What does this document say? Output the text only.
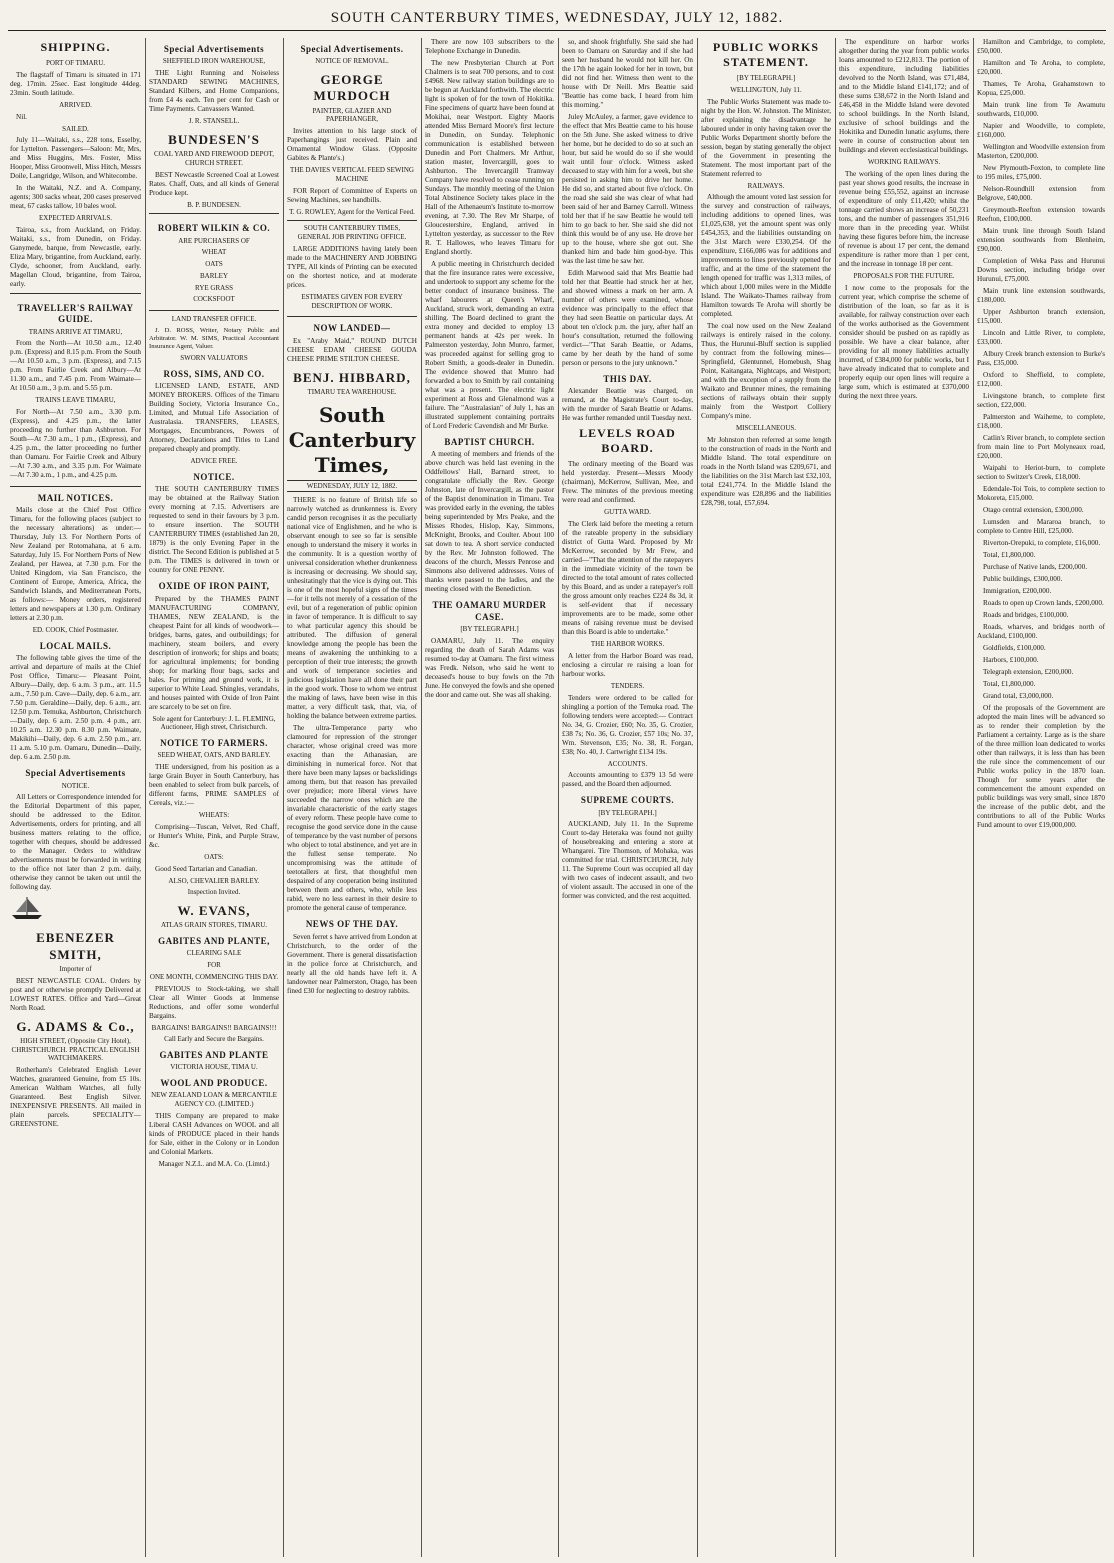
SOUTH CANTERBURY TIMES, WEDNESDAY, JULY 12, 1882.
SHIPPING.
PORT OF TIMARU.

The flagstaff of Timaru is situated in 171 deg. 17min. 25sec. East longitude 44deg. 23min. South latitude.

ARRIVED.

Nil.

SAILED.

July 11—Waitaki, s.s., 228 tons, Esselby, for Lyttelton. Passengers—Saloon: Mr, Mrs, and Miss Huggins, Mrs. Foster, Miss Hooper, Miss Groonwell, Miss Hitch, Messrs Doile, Langridge, Wilson, and Whitecombe.

In the Waitaki, N.Z. and A. Company, agents; 300 sacks wheat, 200 cases preserved meat, 67 casks tallow, 10 bales wool.

EXPECTED ARRIVALS.

Tairoa, s.s., from Auckland, on Friday. Waitaki, s.s., from Dunedin, on Friday. Ganymede, barque, from Newcastle, early. Eliza Mary, brigantine, from Auckland, early. Clyde, schooner, from Auckland, early. Magellan Cloud, brigantine, from Tairoa, early.

TRAVELLER'S RAILWAY GUIDE.
TRAINS ARRIVE AT TIMARU,

From the North—At 10.50 a.m., 12.40 p.m. (Express) and 8.15 p.m. From the South—At 10.50 a.m., 3 p.m. (Express), and 7.15 p.m. From Fairlie Creek and Albury—At 11.30 a.m., and 7.45 p.m. From Waimate—At 10.50 a.m., 3 p.m. and 5.55 p.m.

TRAINS LEAVE TIMARU,

For North—At 7.50 a.m., 3.30 p.m. (Express), and 4.25 p.m., the latter proceeding no further than Ashburton. For South—At 7.30 a.m., 1 p.m., (Express), and 4.25 p.m., the latter proceeding no further than Oamaru. For Fairlie Creek and Albury—At 7.30 a.m., and 3.35 p.m. For Waimate—At 7.30 a.m., 1 p.m., and 4.25 p.m.

MAIL NOTICES.

Mails close at the Chief Post Office Timaru, for the following places (subject to the necessary alterations) as under:— Thursday, July 13. For Northern Ports of New Zealand per Rotomahana, at 6 a.m. Saturday, July 15. For Northern Ports of New Zealand, per Hawea, at 7.30 p.m. For the United Kingdom, via San Francisco, the Continent of Europe, America, Africa, the Sandwich Islands, and Mediterranean Ports, as follows:— Money orders, registered letters and newspapers at 1.30 p.m. Ordinary letters at 2.30 p.m.

ED. COOK, Chief Postmaster.
LOCAL MAILS.

The following table gives the time of the arrival and departure of mails at the Chief Post Office, Timaru:— Pleasant Point, Albury—Daily, dep. 6 a.m. 3 p.m., arr. 11.5 a.m., 7.50 p.m. Cave—Daily, dep. 6 a.m., arr. 7.50 p.m. Geraldine—Daily, dep. 6 a.m., arr. 12.50 p.m. Temuka, Ashburton, Christchurch—Daily, dep. 6 a.m. 2.50 p.m. 4 p.m., arr. 10.25 a.m. 12.30 p.m. 8.30 p.m. Waimate, Makikihi—Daily, dep. 6 a.m. 2.50 p.m., arr. 11 a.m. 5.10 p.m. Oamaru, Dunedin—Daily, dep. 6 a.m. 2.50 p.m.

Special Advertisements
NOTICE.

All Letters or Correspondence intended for the Editorial Department of this paper, should be addressed to the Editor. Advertisements, orders for printing, and all business matters relating to the office, together with cheques, should be addressed to the Manager. Orders to withdraw advertisements must be forwarded in writing to the office not later than 2 p.m. daily, otherwise they cannot be taken out until the following day.

EBENEZER SMITH,
Importer of

BEST NEWCASTLE COAL. Orders by post and or otherwise promptly Delivered at LOWEST RATES. Office and Yard—Great North Road.

G. ADAMS & Co.,
HIGH STREET, (Opposite City Hotel), CHRISTCHURCH. PRACTICAL ENGLISH WATCHMAKERS.

Rotherham's Celebrated English Lever Watches, guaranteed Genuine, from £5 10s. American Waltham Watches, all fully Guaranteed. Best English Silver. INEXPENSIVE PRESENTS. All mailed in plain parcels. SPECIALITY—GREENSTONE.

Special Advertisements
SHEFFIELD IRON WAREHOUSE,

THE Light Running and Noiseless STANDARD SEWING MACHINES, Standard Kilbers, and Home Companions, from £4 4s each. Ten per cent for Cash or Time Payments. Canvassers Wanted.

J. R. STANSELL.
BUNDESEN'S
COAL YARD AND FIREWOOD DEPOT, CHURCH STREET.

BEST Newcastle Screened Coal at Lowest Rates. Chaff, Oats, and all kinds of General Produce kept.

B. P. BUNDESEN.
ROBERT WILKIN & CO.
ARE PURCHASERS OF
WHEAT
OATS
BARLEY
RYE GRASS
COCKSFOOT
LAND TRANSFER OFFICE.

J. D. ROSS, Writer, Notary Public and Arbitrator. W. M. SIMS, Practical Accountant Insurance Agent, Valuer.

SWORN VALUATORS
ROSS, SIMS, AND CO.

LICENSED LAND, ESTATE, AND MONEY BROKERS. Offices of the Timaru Building Society, Victoria Insurance Co., Limited, and Mutual Life Association of Australasia. TRANSFERS, LEASES, Mortgages, Encumbrances, Powers of Attorney, Declarations and Titles to Land prepared cheaply and promptly.

ADVICE FREE.
NOTICE.

THE SOUTH CANTERBURY TIMES may be obtained at the Railway Station every morning at 7.15. Advertisers are requested to send in their favours by 3 p.m. to ensure insertion. The SOUTH CANTERBURY TIMES (established Jan 20, 1879) is the only Evening Paper in the district. The Second Edition is published at 5 p.m. The TIMES is delivered in town or country for ONE PENNY.

OXIDE OF IRON PAINT,

Prepared by the THAMES PAINT MANUFACTURING COMPANY, THAMES, NEW ZEALAND, is the cheapest Paint for all kinds of woodwork—bridges, barns, gates, and outbuildings; for machinery, steam boilers, and every description of ironwork; for ships and boats; for agricultural implements; for bonding shop; for marking flour bags, sacks and bales. For priming and ground work, it is superior to White Lead. Shingles, verandahs, and houses painted with Oxide of Iron Paint are scarcely to be set on fire.

Sole agent for Canterbury: J. L. FLEMING, Auctioneer, High street, Christchurch.
NOTICE TO FARMERS.
SEED WHEAT, OATS, AND BARLEY.

THE undersigned, from his position as a large Grain Buyer in South Canterbury, has been enabled to select from bulk parcels, of different farms, PRIME SAMPLES of Cereals, viz.:—

WHEATS:

Comprising—Tuscan, Velvet, Red Chaff, or Hunter's White, Pink, and Purple Straw, &c.

OATS:

Good Seed Tartarian and Canadian.

ALSO, CHEVALIER BARLEY.
Inspection Invited.
W. EVANS,
ATLAS GRAIN STORES, TIMARU.
GABITES AND PLANTE,
CLEARING SALE
FOR
ONE MONTH, COMMENCING THIS DAY.

PREVIOUS to Stock-taking, we shall Clear all Winter Goods at Immense Reductions, and offer some wonderful Bargains.

BARGAINS! BARGAINS!! BARGAINS!!!
Call Early and Secure the Bargains.
GABITES AND PLANTE
VICTORIA HOUSE, TIMA U.
WOOL AND PRODUCE.
NEW ZEALAND LOAN & MERCANTILE AGENCY CO. (LIMITED.)

THIS Company are prepared to make Liberal CASH Advances on WOOL and all kinds of PRODUCE placed in their hands for Sale, either in the Colony or in London and Colonial Markets.

Manager N.Z.L. and M.A. Co. (Limtd.)
Special Advertisements.
NOTICE OF REMOVAL.
GEORGE MURDOCH
PAINTER, GLAZIER AND PAPERHANGER,

Invites attention to his large stock of Paperhangings just received. Plain and Ornamental Window Glass. (Opposite Gabites & Plante's.)

THE DAVIES VERTICAL FEED SEWING MACHINE

FOR Report of Committee of Experts on Sewing Machines, see handbills.

T. G. ROWLEY, Agent for the Vertical Feed.
SOUTH CANTERBURY TIMES, GENERAL JOB PRINTING OFFICE.

LARGE ADDITIONS having lately been made to the MACHINERY AND JOBBING TYPE, All kinds of Printing can be executed on the shortest notice, and at moderate prices.

ESTIMATES GIVEN FOR EVERY DESCRIPTION OF WORK.
NOW LANDED—

Ex "Araby Maid," ROUND DUTCH CHEESE EDAM CHEESE GOUDA CHEESE PRIME STILTON CHEESE.

BENJ. HIBBARD,
TIMARU TEA WAREHOUSE.
South Canterbury Times,
WEDNESDAY, JULY 12, 1882.

THERE is no feature of British life so narrowly watched as drunkenness is. Every candid person recognises it as the peculiarly national vice of Englishmen, and he who is observant enough to see so far is sensible enough to understand the misery it works in the community. It is a question worthy of universal consideration whether drunkenness is increasing or decreasing. We should say, unhesitatingly that the vice is dying out. This is one of the most hopeful signs of the times—for it tells not merely of a cessation of the evil, but of a regeneration of public opinion in favor of temperance. It is difficult to say to what particular agency this should be attributed. The diffusion of general knowledge among the people has been the means of awakening the unthinking to a perception of their true interests; the growth and work of temperance societies and judicious legislation have all done their part in the good work. Those to whom we entrust the making of laws, have been wise in this matter, a very difficult task, that, via, of holding the balance between extreme parties.

The ultra-Temperance party who clamoured for repression of the stronger character, whose original creed was more exacting than the Athanasian, are diminishing in numerical force. Not that there have been many lapses or backslidings among them, but that reason has prevailed over prejudice; more liberal views have succeeded the narrow ones which are the invariable characteristic of the early stages of every reform. These people have come to recognise the good service done in the cause of temperance by the vast number of persons who object to total abstinence, and yet are in the fullest sense temperate. No uncompromising was the attitude of teetotallers at first, that thoughtful men despaired of any cooperation being instituted between them and others, who, while less rabid, were no less earnest in their desire to promote the general cause of temperance.

NEWS OF THE DAY.

Seven ferret s have arrived from London at Christchurch, to the order of the Government. There is general dissatisfaction in the police force at Christchurch, and nearly all the old hands have left it. A landowner near Palmerston, Otago, has been fined £30 for neglecting to destroy rabbits.

There are now 103 subscribers to the Telephone Exchange in Dunedin.

The new Presbyterian Church at Port Chalmers is to seat 700 persons, and to cost £4968. New railway station buildings are to be begun at Auckland forthwith. The electric light is spoken of for the town of Hokitika. Fine specimens of quartz have been found at Mokihai, near Westport. Eighty Maoris attended Miss Bernard Moore's first lecture in Dunedin, on Sunday. Telephonic communication is established between Dunedin and Port Chalmers. Mr Arthur, station master, Invercargill, goes to Ashburton. The Invercargill Tramway Company have resolved to cease running on Sundays. The monthly meeting of the Union Total Abstinence Society takes place in the Hall of the Athenaeum's Institute to-morrow evening, at 7.30. The Rev Mr Sharpe, of Gloucestershire, England, arrived in Lyttelton yesterday, as successor to the Rev R. T. Hallowes, who leaves Timaru for England shortly.

A public meeting in Christchurch decided that the fire insurance rates were excessive, and undertook to support any scheme for the better conduct of insurance business. The wharf labourers at Queen's Wharf, Auckland, struck work, demanding an extra shilling. The Board declined to grant the extra money and decided to employ 13 permanent hands at 42s per week. In Palmerston yesterday, John Munro, farmer, was proceeded against for selling grog to Robert Smith, a goods-dealer in Dunedin. The evidence showed that Munro had forwarded a box to Smith by rail containing what was a present. The electric light experiment at Ross and Glenalmond was a failure. The "Australasian" of July 1, has an illustrated supplement containing portraits of Lord Frederic Cavendish and Mr Burke.

BAPTIST CHURCH.

A meeting of members and friends of the above church was held last evening in the Oddfellows' Hall, Barnard street, to congratulate officially the Rev. George Johnston, late of Invercargill, as the pastor of the Baptist denomination in Timaru. Tea was provided early in the evening, the tables being superintended by Mrs Peake, and the Misses Rhodes, Hislop, Kay, Simmons, McKnight, Brooks, and Coulter. About 100 sat down to tea. A short service conducted by the Rev. Mr Johnston followed. The deacons of the church, Messrs Penrose and Simmons also delivered addresses. Votes of thanks were passed to the ladies, and the meeting closed with the Benediction.

THE OAMARU MURDER CASE.
[BY TELEGRAPH.]

OAMARU, July 11. The enquiry regarding the death of Sarah Adams was resumed to-day at Oamaru. The first witness was Fredk. Nelson, who said he went to deceased's house to buy fowls on the 7th June. He conveyed the fowls and she opened the door and came out. She was all shaking.

so, and shook frightfully. She said she had been to Oamaru on Saturday and if she had seen her husband he would not kill her. On the 17th he again looked for her in town, but did not find her. Witness then went to the house with Dr Neill. Mrs Beattie said "Beattie has come back, I heard from him this morning."

Juley McAuley, a farmer, gave evidence to the effect that Mrs Beattie came to his house on the 5th June. She asked witness to drive her home, but he decided to do so at such an hour, but said he would do so if she would wait until four o'clock. Witness asked deceased to stay with him for a week, but she persisted in asking him to drive her home. He did so, and started about five o'clock. On the road she said she was clear of what had been said of her and Barney Carroll. Witness told her that if he saw Beattie he would tell him to go back to her. She said she did not think this would be of any use. He drove her up to the house, where she got out. She thanked him and bade him good-bye. This was the last time he saw her.

Edith Marwood said that Mrs Beattie had told her that Beattie had struck her at her, and showed witness a mark on her arm. A number of others were examined, whose evidence was principally to the effect that they had seen Beattie on particular days. At about ten o'clock p.m. the jury, after half an hour's consultation, returned the following verdict—"That Sarah Beattie, or Adams, came by her death by the hand of some person or persons to the jury unknown."

THIS DAY.

Alexander Beattie was charged, on remand, at the Magistrate's Court to-day, with the murder of Sarah Beattie or Adams. He was further remanded until Tuesday next.

LEVELS ROAD BOARD.

The ordinary meeting of the Board was held yesterday. Present—Messrs Moody (chairman), McKerrow, Sullivan, Mee, and Frew. The minutes of the previous meeting were read and confirmed.

GUTTA WARD.

The Clerk laid before the meeting a return of the rateable property in the subsidiary district of Gutta Ward. Proposed by Mr McKerrow, seconded by Mr Frew, and carried—"That the attention of the ratepayers in the immediate vicinity of the town be directed to the total amount of rates collected by this Board, and as under a ratepayer's roll the gross amount only reaches £224 8s 3d, it is self-evident that if necessary improvements are to be made, some other means of raising revenue must be devised than this Board is able to undertake."

THE HARBOR WORKS.

A letter from the Harbor Board was read, enclosing a circular re raising a loan for harbour works.

TENDERS.

Tenders were ordered to be called for shingling a portion of the Temuka road. The following tenders were accepted:— Contract No. 34, G. Crozier, £60; No. 35, G. Crozier, £38 7s; No. 36, G. Crozier, £57 10s; No. 37, Wm. Stevenson, £35; No. 38, R. Forgan, £38; No. 40, J. Cartwright £134 19s.

ACCOUNTS.

Accounts amounting to £379 13 5d were passed, and the Board then adjourned.

SUPREME COURTS.
[BY TELEGRAPH.]

AUCKLAND, July 11. In the Supreme Court to-day Heteraka was found not guilty of housebreaking and entering a store at Whangarei. Tire Thomson, of Mohaka, was committed for trial. CHRISTCHURCH, July 11. The Supreme Court was occupied all day with two cases of indecent assault, and two of violent assault. The accused in one of the former was convicted, and the rest acquitted.

PUBLIC WORKS STATEMENT.
[BY TELEGRAPH.]
WELLINGTON, July 11.

The Public Works Statement was made to-night by the Hon. W. Johnston. The Minister, after explaining the disadvantage he laboured under in only having taken over the Public Works Department shortly before the session, began by stating generally the object of the Government in presenting the Statement. The most important part of the Statement referred to

RAILWAYS.

Although the amount voted last session for the survey and construction of railways, including additions to opened lines, was £1,025,638, yet the amount spent was only £454,353, and the liabilities outstanding on the 31st March were £330,254. Of the expenditure, £166,086 was for additions and improvements to lines previously opened for traffic, and at the time of the statement the length opened for traffic was 1,313 miles, of which about 1,000 miles were in the Middle Island. The Waikato-Thames railway from Hamilton towards Te Aroha will shortly be completed.

The coal now used on the New Zealand railways is entirely raised in the colony. Thus, the Hurunui-Bluff section is supplied by contract from the following mines—Springfield, Glentunnel, Homebush, Shag Point, Kaitangata, Nightcaps, and Westport; and with the exception of a supply from the Waikato and Brunner mines, the remaining sections of railways obtain their supply mainly from the Westport Colliery Company's mine.

MISCELLANEOUS.

Mr Johnston then referred at some length to the construction of roads in the North and Middle Island. The total expenditure on roads in the North Island was £209,671, and the liabilities on the 31st March last £32,103, total £241,774. In the Middle Island the expenditure was £28,896 and the liabilities £28,798, total, £57,694.

The expenditure on harbor works altogether during the year from public works loans amounted to £212,813. The portion of this expenditure, including liabilities devolved to the North Island, was £71,484, and to the Middle Island £141,172; and of these sums £38,672 in the North Island and £46,458 in the Middle Island were devoted to school buildings. In the North Island, exclusive of school buildings and the Hokitika and Dunedin lunatic asylums, there were in course of construction about ten buildings and eleven ecclesiastical buildings.

WORKING RAILWAYS.

The working of the open lines during the past year shows good results, the increase in revenue being £55,552, against an increase of expenditure of only £11,420; whilst the tonnage carried shows an increase of 50,231 tons, and the number of passengers 351,916 more than in the preceding year. Whilst having these figures before him, the increase of revenue is about 17 per cent, the demand expenditure is rather more than 1 per cent, and the increase in tonnage 18 per cent.

PROPOSALS FOR THE FUTURE.

I now come to the proposals for the current year, which comprise the scheme of distribution of the loan, so far as it is available, for railway construction over each of the works authorised as the Government consider should be pushed on as rapidly as possible. We have a clear balance, after providing for all money liabilities actually incurred, of £384,000 for public works, but I have already indicated that to complete and properly equip our open lines will require a large sum, which is estimated at £370,000 during the next three years.

Hamilton and Cambridge, to complete, £50,000.

Hamilton and Te Aroha, to complete, £20,000.

Thames, Te Aroha, Grahamstown to Kopua, £25,000.

Main trunk line from Te Awamutu southwards, £10,000.

Napier and Woodville, to complete, £160,000.

Wellington and Woodville extension from Masterton, £200,000.

New Plymouth-Foxton, to complete line to 195 miles, £75,000.

Nelson-Roundhill extension from Belgrove, £40,000.

Greymouth-Reefton extension towards Reefton, £100,000.

Main trunk line through South Island extension southwards from Blenheim, £90,000.

Completion of Weka Pass and Hurunui Downs section, including bridge over Hurunui, £75,000.

Main trunk line extension southwards, £180,000.

Upper Ashburton branch extension, £15,000.

Lincoln and Little River, to complete, £33,000.

Albury Creek branch extension to Burke's Pass, £35,000.

Oxford to Sheffield, to complete, £12,000.

Livingstone branch, to complete first section, £22,000.

Palmerston and Waiheme, to complete, £18,000.

Catlin's River branch, to complete section from main line to Port Molyneaux road, £20,000.

Waipahi to Heriot-burn, to complete section to Switzer's Creek, £18,000.

Edendale-Toi Tois, to complete section to Mokoreta, £15,000.

Otago central extension, £300,000.

Lumsden and Mararoa branch, to complete to Centre Hill, £25,000.

Riverton-Orepuki, to complete, £16,000.

Total, £1,800,000.

Purchase of Native lands, £200,000.

Public buildings, £300,000.

Immigration, £200,000.

Roads to open up Crown lands, £200,000.

Roads and bridges, £100,000.

Roads, wharves, and bridges north of Auckland, £100,000.

Goldfields, £100,000.

Harbors, £100,000.

Telegraph extension, £200,000.

Total, £1,800,000.

Grand total, £3,000,000.

Of the proposals of the Government are adopted the main lines will be advanced so as to render their completion by the Parliament a certainty. Large as is the share of the three million loan dedicated to works other than railways, it is less than has been the rule since the commencement of our Public works policy in the 1870 loan. Though for some years after the commencement the amount expended on public buildings was very small, since 1870 the increase of the public debt, and the contributions to all of the Public Works Fund amount to over £19,000,000.
